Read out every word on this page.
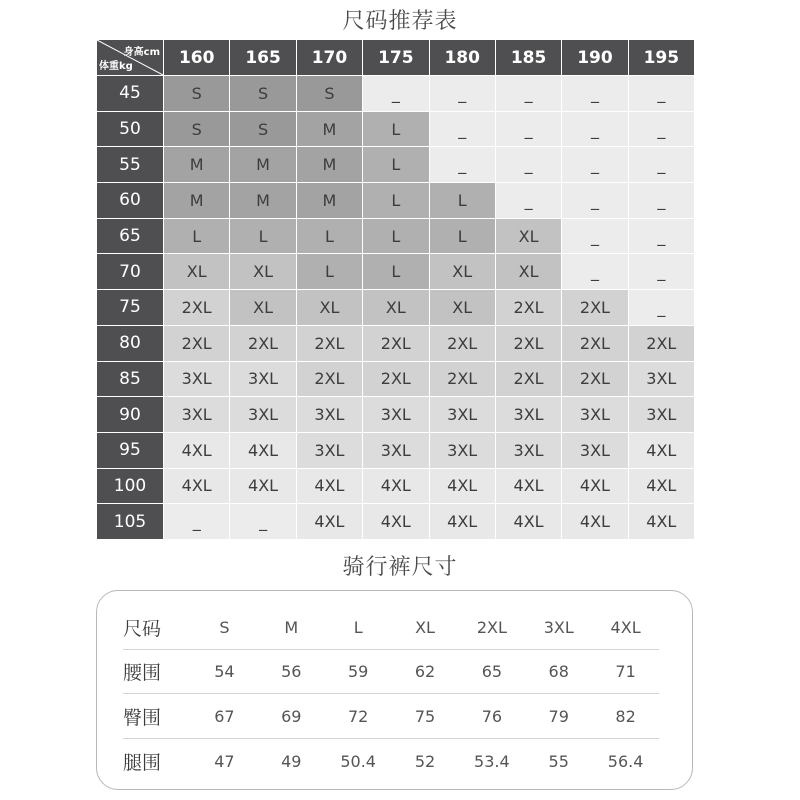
尺码推荐表
身高cm
体重kg	160	165	170	175	180	185	190	195
45	S	S	S	_	_	_	_	_
50	S	S	M	L	_	_	_	_
55	M	M	M	L	_	_	_	_
60	M	M	M	L	L	_	_	_
65	L	L	L	L	L	XL	_	_
70	XL	XL	L	L	XL	XL	_	_
75	2XL	XL	XL	XL	XL	2XL	2XL	_
80	2XL	2XL	2XL	2XL	2XL	2XL	2XL	2XL
85	3XL	3XL	2XL	2XL	2XL	2XL	2XL	3XL
90	3XL	3XL	3XL	3XL	3XL	3XL	3XL	3XL
95	4XL	4XL	3XL	3XL	3XL	3XL	3XL	4XL
100	4XL	4XL	4XL	4XL	4XL	4XL	4XL	4XL
105	_	_	4XL	4XL	4XL	4XL	4XL	4XL
骑行裤尺寸
尺码	S	M	L	XL	2XL	3XL	4XL
腰围	54	56	59	62	65	68	71
臀围	67	69	72	75	76	79	82
腿围	47	49	50.4	52	53.4	55	56.4
